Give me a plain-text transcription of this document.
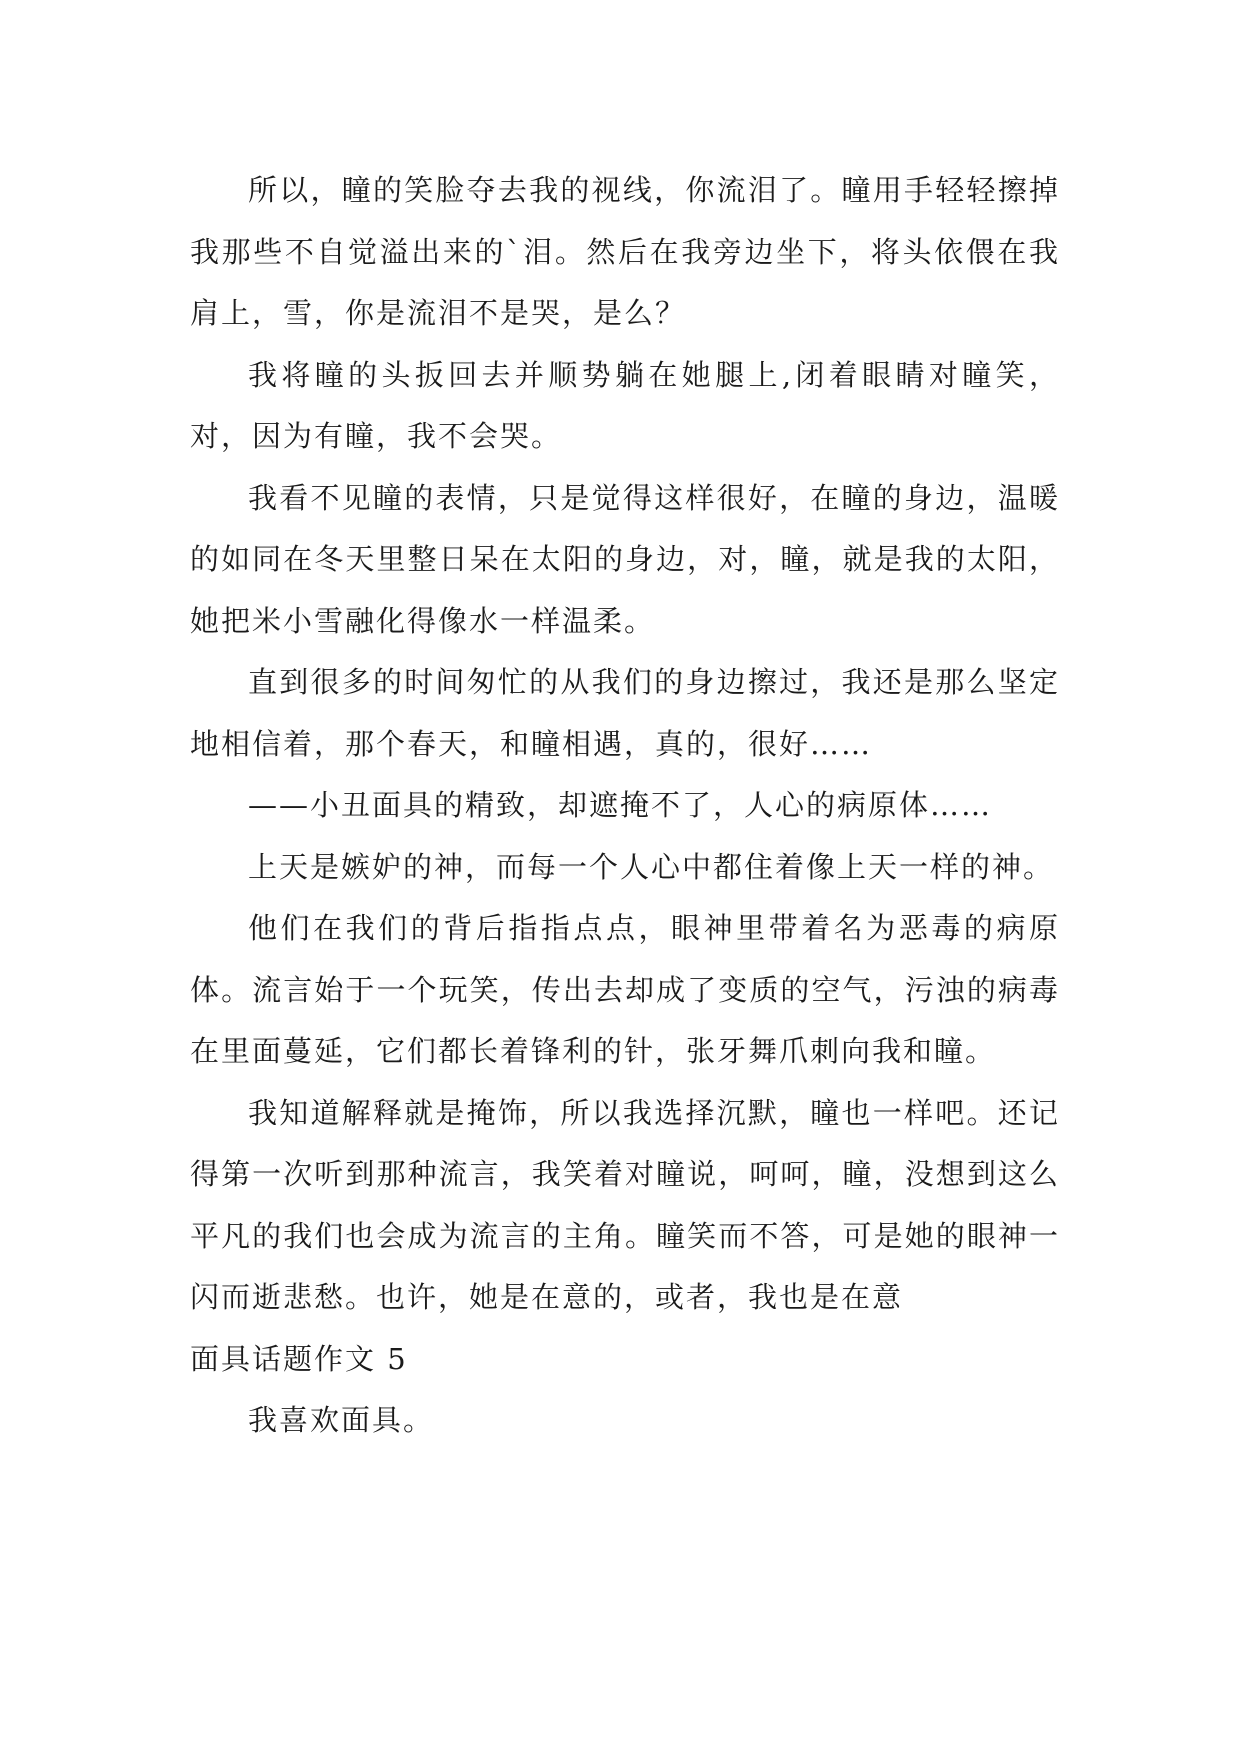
所以，瞳的笑脸夺去我的视线，你流泪了。瞳用手轻轻擦掉我那些不自觉溢出来的`泪。然后在我旁边坐下，将头依偎在我肩上，雪，你是流泪不是哭，是么？

我将瞳的头扳回去并顺势躺在她腿上,闭着眼睛对瞳笑，对，因为有瞳，我不会哭。

我看不见瞳的表情，只是觉得这样很好，在瞳的身边，温暖的如同在冬天里整日呆在太阳的身边，对，瞳，就是我的太阳，她把米小雪融化得像水一样温柔。

直到很多的时间匆忙的从我们的身边擦过，我还是那么坚定地相信着，那个春天，和瞳相遇，真的，很好……

——小丑面具的精致，却遮掩不了，人心的病原体……

上天是嫉妒的神，而每一个人心中都住着像上天一样的神。

他们在我们的背后指指点点，眼神里带着名为恶毒的病原体。流言始于一个玩笑，传出去却成了变质的空气，污浊的病毒在里面蔓延，它们都长着锋利的针，张牙舞爪刺向我和瞳。

我知道解释就是掩饰，所以我选择沉默，瞳也一样吧。还记得第一次听到那种流言，我笑着对瞳说，呵呵，瞳，没想到这么平凡的我们也会成为流言的主角。瞳笑而不答，可是她的眼神一闪而逝悲愁。也许，她是在意的，或者，我也是在意

面具话题作文 5

我喜欢面具。
